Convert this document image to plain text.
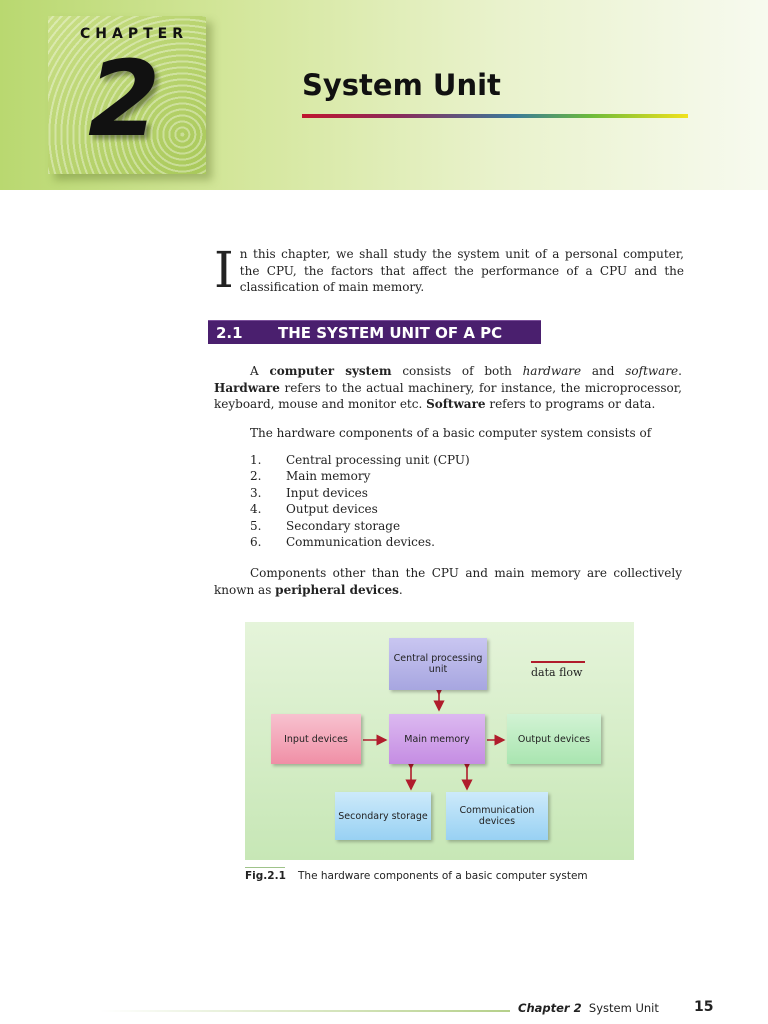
CHAPTER
2	System Unit
In this chapter, we shall study the system unit of a personal computer, the CPU, the factors that affect the performance of a CPU and the classification of main memory.
2.1	THE SYSTEM UNIT OF A PC
A computer system consists of both hardware and software. Hardware refers to the actual machinery, for instance, the microprocessor, keyboard, mouse and monitor etc. Software refers to programs or data.
The hardware components of a basic computer system consists of
1.	Central processing unit (CPU)
2.	Main memory
3.	Input devices
4.	Output devices
5.	Secondary storage
6.	Communication devices.
Components other than the CPU and main memory are collectively known as peripheral devices.
Central processing unit
Input devices	Main memory	Output devices
Secondary storage	Communication devices
data flow
Fig.2.1 The hardware components of a basic computer system
Chapter 2 System Unit	15
